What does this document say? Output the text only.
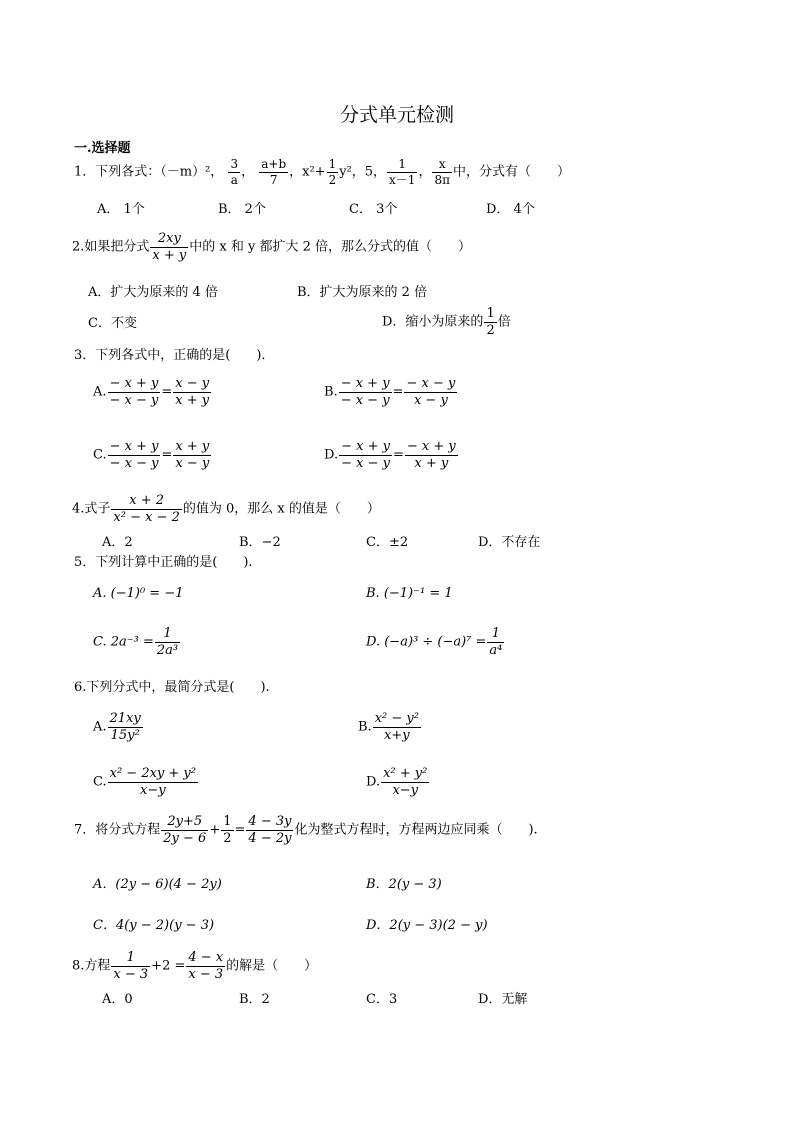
分式单元检测
一.选择题
1．下列各式：（－m）²， $\frac{3}{a}$ ， $\frac{a+b}{7}$ ，$x^2+ \frac{1}{2} y^2$，5， $\frac{1}{x-1}$ ， $\frac{x}{8\pi}$ 中，分式有（　　）
A． 1个	B． 2个	C． 3个	D． 4个
2.如果把分式 $\frac{2xy}{x + y}$ 中的 x 和 y 都扩大 2 倍，那么分式的值（　　）
A．扩大为原来的 4 倍	B．扩大为原来的 2 倍
C．不变	D．缩小为原来的 $\frac{1}{2}$ 倍
3．下列各式中，正确的是(　　)．
A. $\frac{- x + y}{- x - y} = \frac{x - y}{x + y}$	B. $\frac{- x + y}{- x - y} = \frac{- x - y}{x - y}$
C. $\frac{- x + y}{- x - y} = \frac{x + y}{x - y}$	D. $\frac{- x + y}{- x - y} = \frac{- x + y}{x + y}$
4.式子 $\frac{x + 2}{\text{x² − x − 2}}$ 的值为 0，那么 x 的值是（　　）
A．2	B．−2	C．±2	D．不存在
5．下列计算中正确的是(　　).
A. (−1)⁰ = −1	B. (−1)⁻¹ = 1
C. $2a^{-3} = \frac{1}{\text{2a³}}$	D. $(-a)^3 \div (-a)^7 = \frac{1}{\text{a⁴}}$
6.下列分式中，最简分式是(　　).
A. $\frac{21xy}{\text{15y²}}$	B. $\frac{\text{x² − y²}}{x+y}$
C. $\frac{\text{x² − 2xy + y²}}{x-y}$	D. $\frac{\text{x² + y²}}{x-y}$
7．将分式方程 $\frac{2y+5}{2y - 6} + \frac{1}{2} = \frac{4 - 3y}{4 - 2y}$ 化为整式方程时，方程两边应同乘（　　).
A．(2y − 6)(4 − 2y)	B．2(y − 3)
C．4(y − 2)(y − 3)	D．2(y − 3)(2 − y)
8.方程 $\frac{1}{x - 3} +2 = \frac{4 - x}{x - 3}$ 的解是（　　）
A．0	B．2	C．3	D．无解
